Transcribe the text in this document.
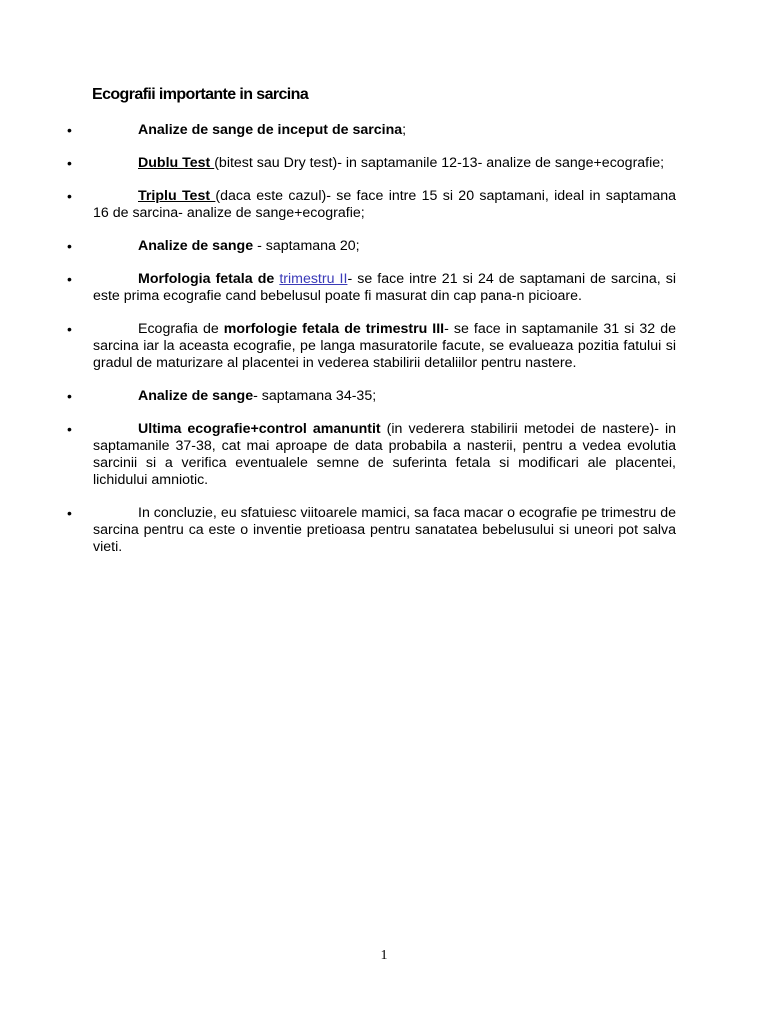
Ecografii importante in sarcina
•	Analize de sange de inceput de sarcina;
•	Dublu Test (bitest sau Dry test)- in saptamanile 12-13- analize de sange+ecografie;
•	Triplu Test (daca este cazul)- se face intre 15 si 20 saptamani, ideal in saptamana 16 de sarcina- analize de sange+ecografie;
•	Analize de sange - saptamana 20;
•	Morfologia fetala de trimestru II- se face intre 21 si 24 de saptamani de sarcina, si este prima ecografie cand bebelusul poate fi masurat din cap pana-n picioare.
•	Ecografia de morfologie fetala de trimestru III- se face in saptamanile 31 si 32 de sarcina iar la aceasta ecografie, pe langa masuratorile facute, se evalueaza pozitia fatului si gradul de maturizare al placentei in vederea stabilirii detaliilor pentru nastere.
•	Analize de sange- saptamana 34-35;
•	Ultima ecografie+control amanuntit (in vederera stabilirii metodei de nastere)- in saptamanile 37-38, cat mai aproape de data probabila a nasterii, pentru a vedea evolutia sarcinii si a verifica eventualele semne de suferinta fetala si modificari ale placentei, lichidului amniotic.
•	In concluzie, eu sfatuiesc viitoarele mamici, sa faca macar o ecografie pe trimestru de sarcina pentru ca este o inventie pretioasa pentru sanatatea bebelusului si uneori pot salva vieti.
1
